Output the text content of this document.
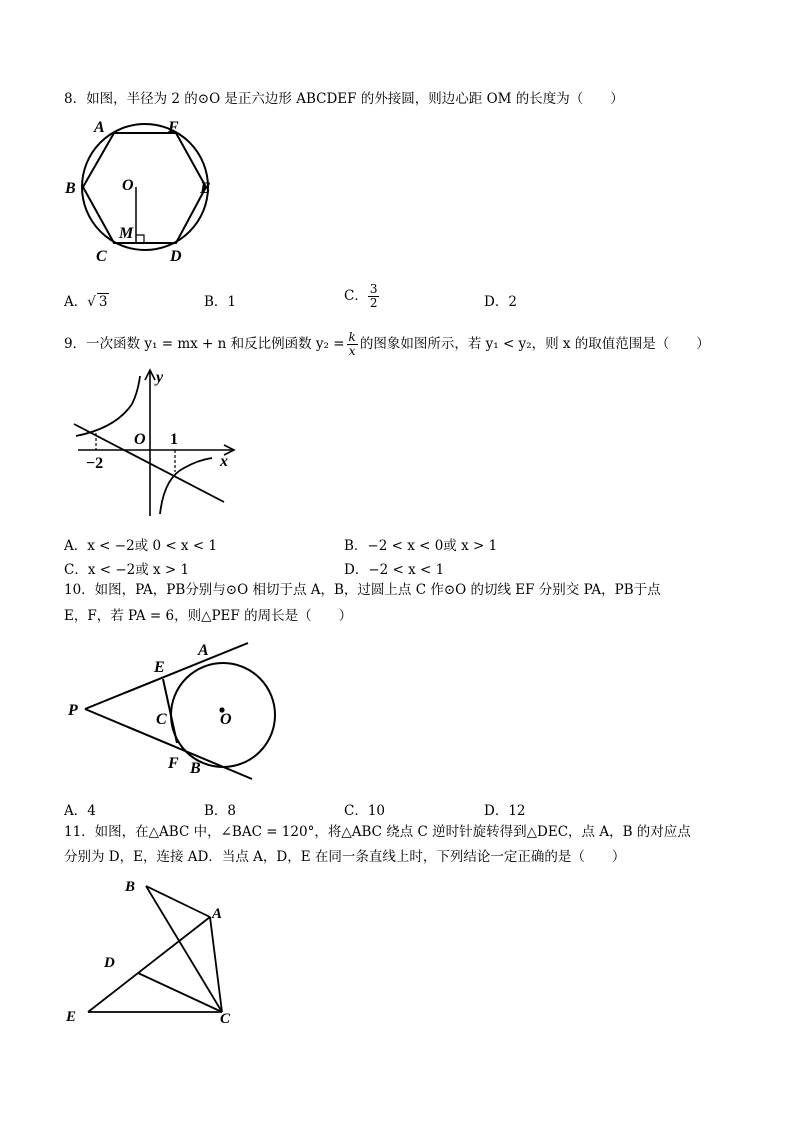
8．如图，半径为 2 的⊙O 是正六边形 ABCDEF 的外接圆，则边心距 OM 的长度为（　　）
A	F
B	O	E
M
C	D
A．√ 3	B．1	C． $\frac{3}{2}$	D．2
9．一次函数 y₁ = mx + n 和反比例函数 $y_2 = \frac{k}{x}$ 的图象如图所示，若 y₁ < y₂，则 x 的取值范围是（　　）
y
O 1
−2	x
A．x < −2或 0 < x < 1	B．−2 < x < 0或 x > 1
C．x < −2或 x > 1	D．−2 < x < 1
10．如图，PA，PB分别与⊙O 相切于点 A，B，过圆上点 C 作⊙O 的切线 EF 分别交 PA，PB于点
E，F，若 PA = 6，则△PEF 的周长是（　　）
P
E
A
C	O
F B
A．4	B．8	C．10	D．12
11．如图，在△ABC 中，∠BAC = 120°，将△ABC 绕点 C 逆时针旋转得到△DEC，点 A，B 的对应点
分别为 D，E，连接 AD．当点 A，D，E 在同一条直线上时，下列结论一定正确的是（　　）
B
A
D
E	C
